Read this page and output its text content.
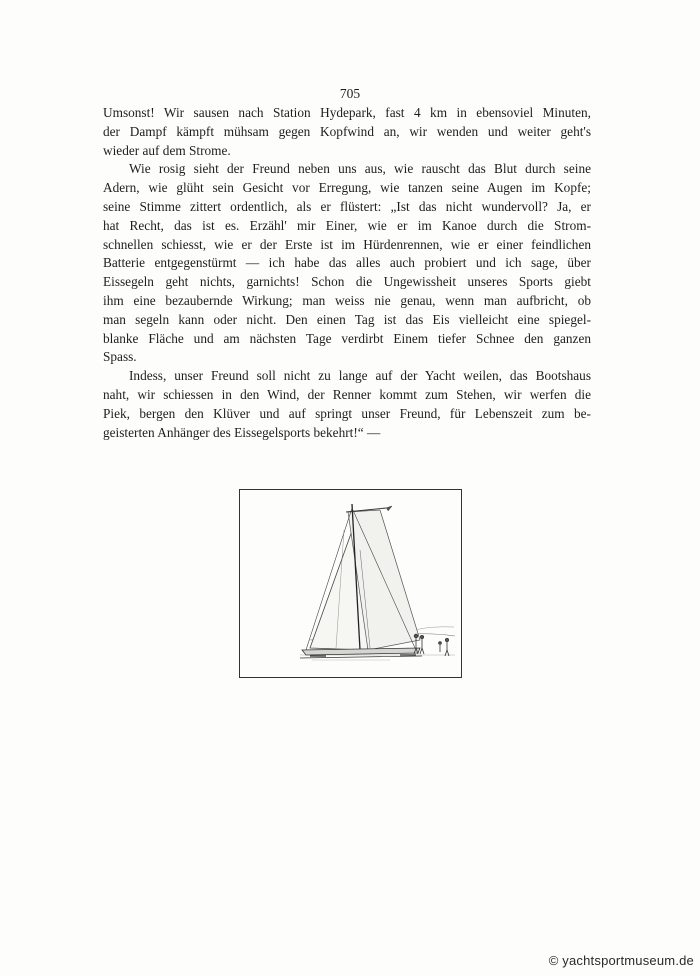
705
Umsonst! Wir sausen nach Station Hydepark, fast 4 km in ebensoviel Minuten,
der Dampf kämpft mühsam gegen Kopfwind an, wir wenden und weiter geht's
wieder auf dem Strome.
Wie rosig sieht der Freund neben uns aus, wie rauscht das Blut durch seine
Adern, wie glüht sein Gesicht vor Erregung, wie tanzen seine Augen im Kopfe;
seine Stimme zittert ordentlich, als er flüstert: „Ist das nicht wundervoll? Ja, er
hat Recht, das ist es. Erzähl' mir Einer, wie er im Kanoe durch die Strom-
schnellen schiesst, wie er der Erste ist im Hürdenrennen, wie er einer feindlichen
Batterie entgegenstürmt — ich habe das alles auch probiert und ich sage, über
Eissegeln geht nichts, garnichts! Schon die Ungewissheit unseres Sports giebt
ihm eine bezaubernde Wirkung; man weiss nie genau, wenn man aufbricht, ob
man segeln kann oder nicht. Den einen Tag ist das Eis vielleicht eine spiegel-
blanke Fläche und am nächsten Tage verdirbt Einem tiefer Schnee den ganzen
Spass.
Indess, unser Freund soll nicht zu lange auf der Yacht weilen, das Bootshaus
naht, wir schiessen in den Wind, der Renner kommt zum Stehen, wir werfen die
Piek, bergen den Klüver und auf springt unser Freund, für Lebenszeit zum be-
geisterten Anhänger des Eissegelsports bekehrt!“ —
© yachtsportmuseum.de
